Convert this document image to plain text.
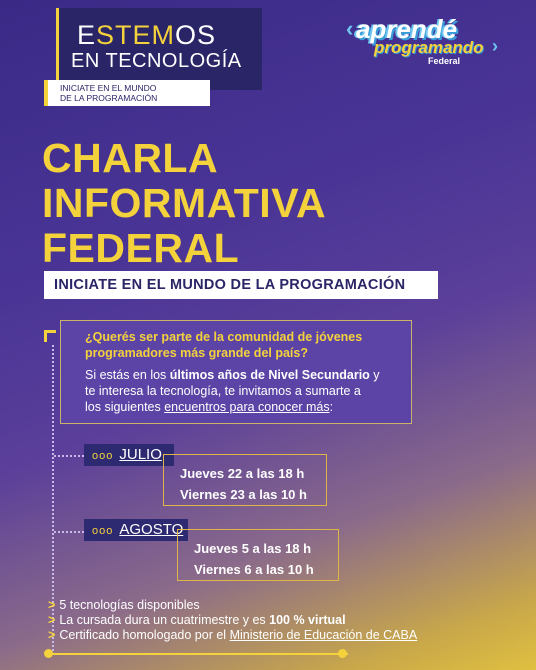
ESTEMOS
EN TECNOLOGÍA
INICIATE EN EL MUNDO
DE LA PROGRAMACIÓN
‹ aprendé
programando ›
Federal
CHARLA
INFORMATIVA
FEDERAL
INICIATE EN EL MUNDO DE LA PROGRAMACIÓN
¿Querés ser parte de la comunidad de jóvenes
programadores más grande del país?
Si estás en los últimos años de Nivel Secundario y
te interesa la tecnología, te invitamos a sumarte a
los siguientes encuentros para conocer más:
ooo JULIO
Jueves 22 a las 18 h
Viernes 23 a las 10 h
ooo AGOSTO
Jueves 5 a las 18 h
Viernes 6 a las 10 h
> 5 tecnologías disponibles
> La cursada dura un cuatrimestre y es 100 % virtual
> Certificado homologado por el Ministerio de Educación de CABA
